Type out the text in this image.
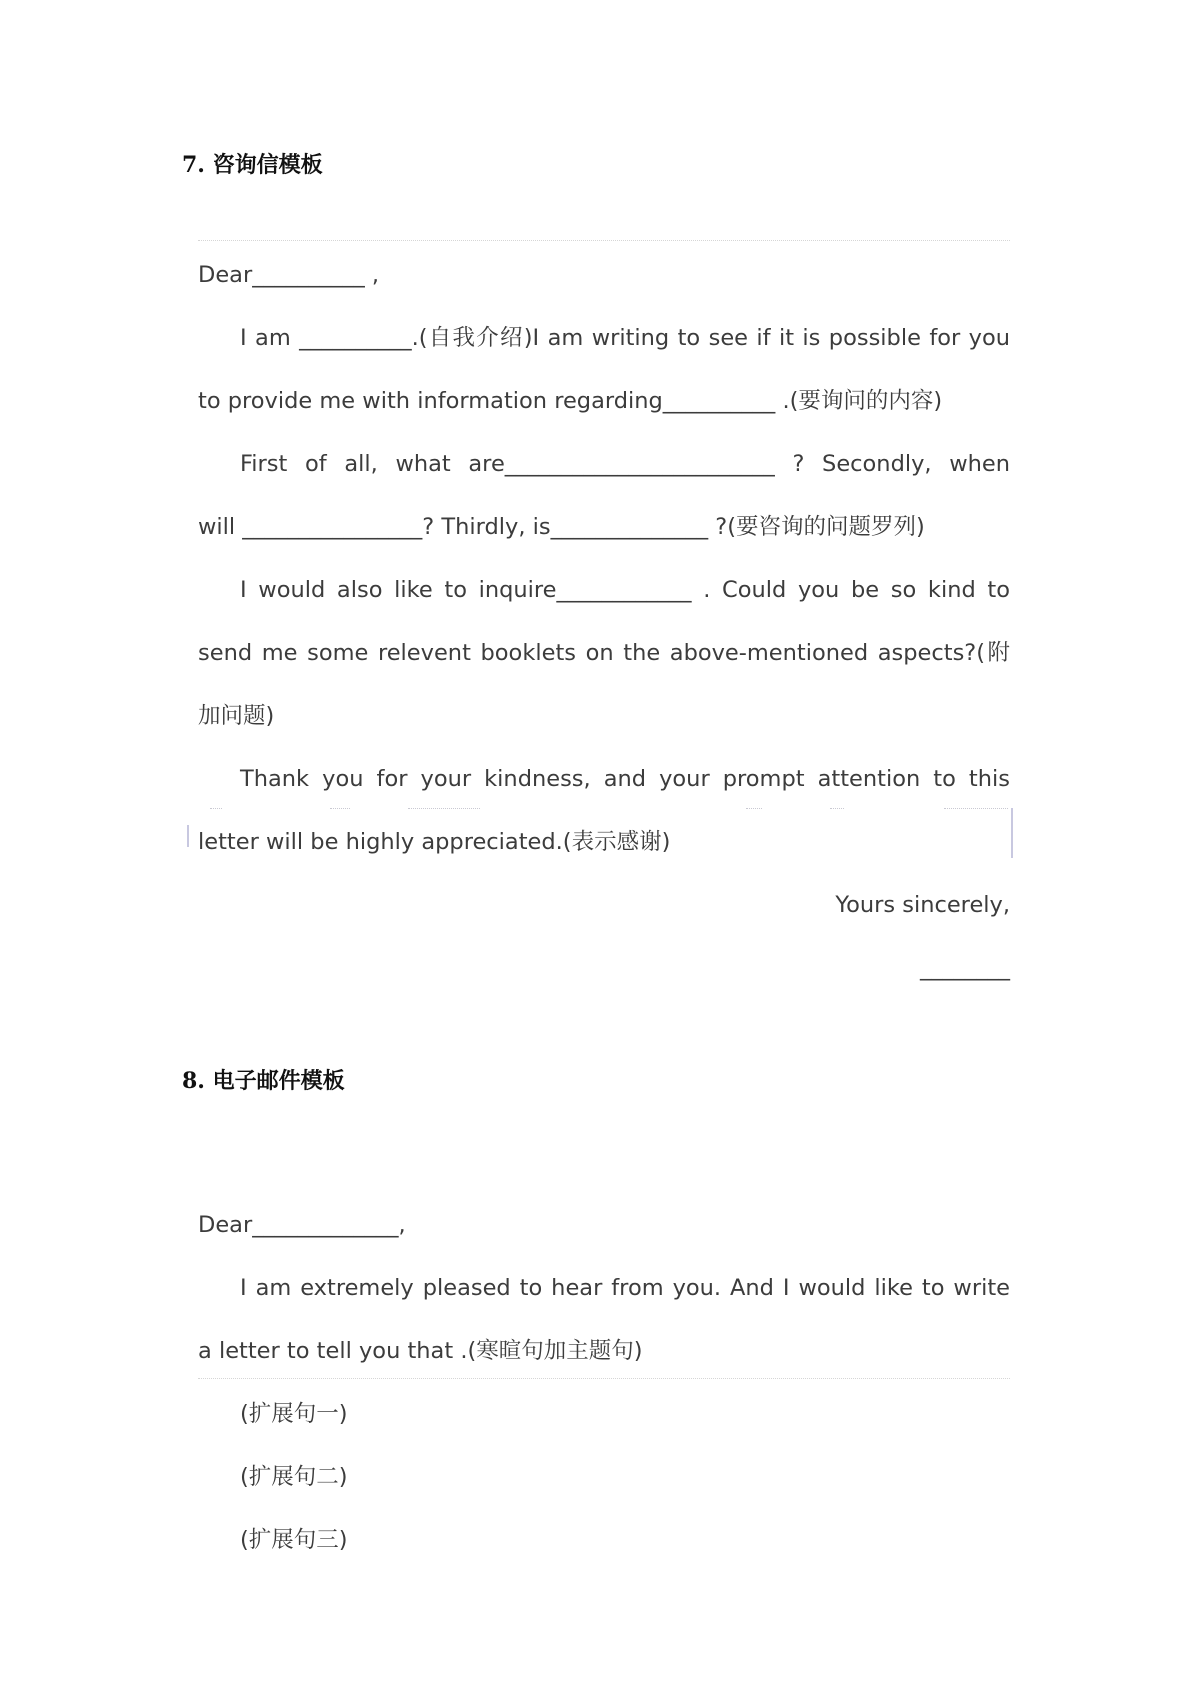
7. 咨询信模板
Dear__________ ,
I am __________.(自我介绍)I am writing to see if it is possible for you
to provide me with information regarding__________ .(要询问的内容)
First of all, what are________________________ ? Secondly, when
will ________________? Thirdly, is______________ ?(要咨询的问题罗列)
I would also like to inquire____________ . Could you be so kind to
send me some relevent booklets on the above-mentioned aspects?(附
加问题)
Thank you for your kindness, and your prompt attention to this
letter will be highly appreciated.(表示感谢)
Yours sincerely,
________
8. 电子邮件模板
Dear_____________,
I am extremely pleased to hear from you. And I would like to write
a letter to tell you that .(寒暄句加主题句)
(扩展句一)
(扩展句二)
(扩展句三)
